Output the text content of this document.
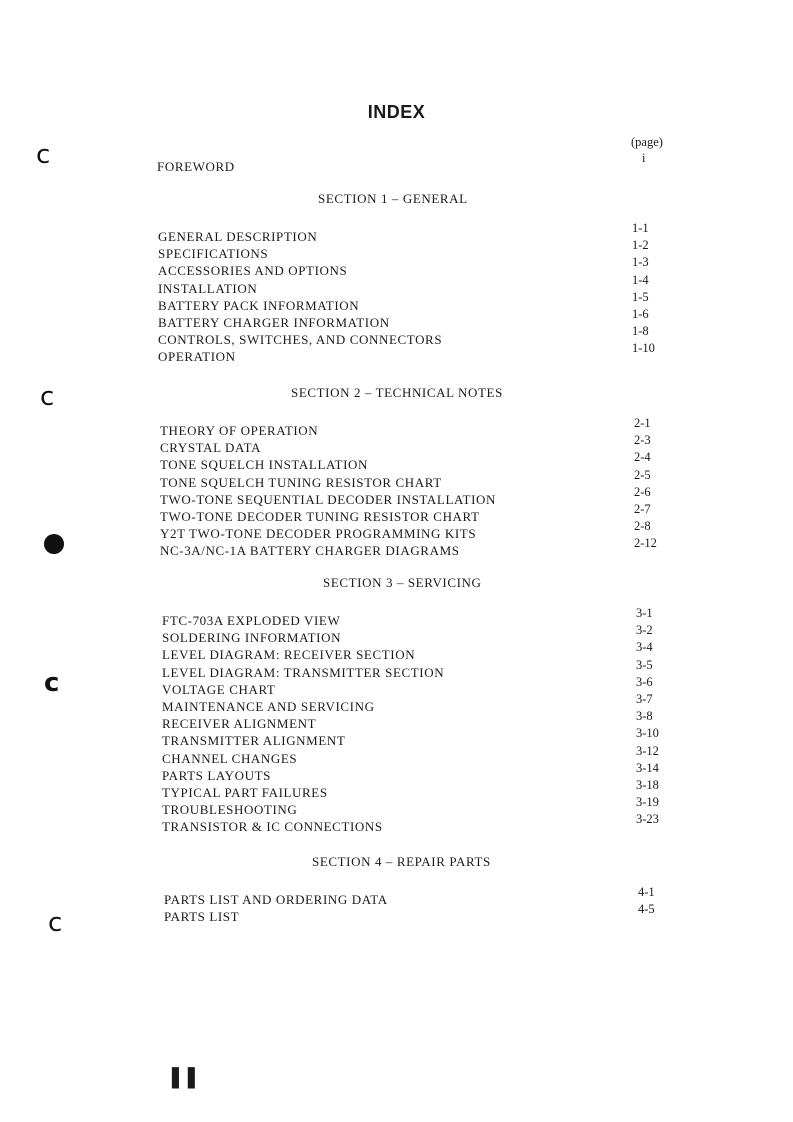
c
c
c
c
INDEX
(page)
FOREWORD
i
SECTION 1 – GENERAL
GENERAL DESCRIPTION
SPECIFICATIONS
ACCESSORIES AND OPTIONS
INSTALLATION
BATTERY PACK INFORMATION
BATTERY CHARGER INFORMATION
CONTROLS, SWITCHES, AND CONNECTORS
OPERATION
1-1
1-2
1-3
1-4
1-5
1-6
1-8
1-10
SECTION 2 – TECHNICAL NOTES
THEORY OF OPERATION
CRYSTAL DATA
TONE SQUELCH INSTALLATION
TONE SQUELCH TUNING RESISTOR CHART
TWO-TONE SEQUENTIAL DECODER INSTALLATION
TWO-TONE DECODER TUNING RESISTOR CHART
Y2T TWO-TONE DECODER PROGRAMMING KITS
NC-3A/NC-1A BATTERY CHARGER DIAGRAMS
2-1
2-3
2-4
2-5
2-6
2-7
2-8
2-12
SECTION 3 – SERVICING
FTC-703A EXPLODED VIEW
SOLDERING INFORMATION
LEVEL DIAGRAM: RECEIVER SECTION
LEVEL DIAGRAM: TRANSMITTER SECTION
VOLTAGE CHART
MAINTENANCE AND SERVICING
RECEIVER ALIGNMENT
TRANSMITTER ALIGNMENT
CHANNEL CHANGES
PARTS LAYOUTS
TYPICAL PART FAILURES
TROUBLESHOOTING
TRANSISTOR & IC CONNECTIONS
3-1
3-2
3-4
3-5
3-6
3-7
3-8
3-10
3-12
3-14
3-18
3-19
3-23
SECTION 4 – REPAIR PARTS
PARTS LIST AND ORDERING DATA
PARTS LIST
4-1
4-5
▌▌
